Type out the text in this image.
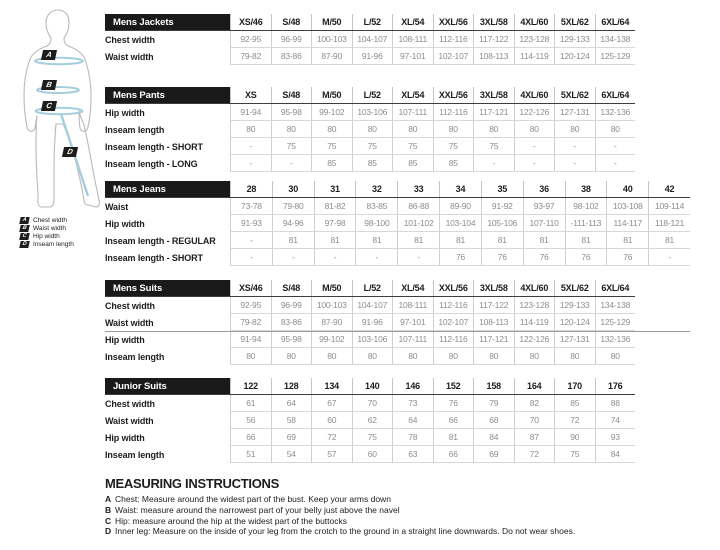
A
B
C
D
A Chest width
B Waist width
C Hip width
D Inseam length
Mens Jackets	XS/46	S/48	M/50	L/52	XL/54	XXL/56	3XL/58	4XL/60	5XL/62	6XL/64
Chest width	92-95	96-99	100-103	104-107	108-111	112-116	117-122	123-128	129-133	134-138
Waist width	79-82	83-86	87-90	91-96	97-101	102-107	108-113	114-119	120-124	125-129
Mens Pants	XS	S/48	M/50	L/52	XL/54	XXL/56	3XL/58	4XL/60	5XL/62	6XL/64
Hip width	91-94	95-98	99-102	103-106	107-111	112-116	117-121	122-126	127-131	132-136
Inseam length	80	80	80	80	80	80	80	80	80	80
Inseam length - SHORT	-	75	75	75	75	75	75	-	-	-
Inseam length - LONG	-	-	85	85	85	85	-	-	-	-
Mens Jeans	28	30	31	32	33	34	35	36	38	40	42
Waist	73-78	79-80	81-82	83-85	86-88	89-90	91-92	93-97	98-102	103-108	109-114
Hip width	91-93	94-96	97-98	98-100	101-102	103-104	105-106	107-110	-111-113	114-117	118-121
Inseam length - REGULAR	-	81	81	81	81	81	81	81	81	81	81
Inseam length - SHORT	-	-	-	-	-	76	76	76	76	76	-
Mens Suits	XS/46	S/48	M/50	L/52	XL/54	XXL/56	3XL/58	4XL/60	5XL/62	6XL/64
Chest width	92-95	96-99	100-103	104-107	108-111	112-116	117-122	123-128	129-133	134-138
Waist width	79-82	83-86	87-90	91-96	97-101	102-107	108-113	114-119	120-124	125-129
Hip width	91-94	95-98	99-102	103-106	107-111	112-116	117-121	122-126	127-131	132-136
Inseam length	80	80	80	80	80	80	80	80	80	80
Junior Suits	122	128	134	140	146	152	158	164	170	176
Chest width	61	64	67	70	73	76	79	82	85	88
Waist width	56	58	60	62	64	66	68	70	72	74
Hip width	66	69	72	75	78	81	84	87	90	93
Inseam length	51	54	57	60	63	66	69	72	75	84
MEASURING INSTRUCTIONS
A Chest: Measure around the widest part of the bust. Keep your arms down
B Waist: measure around the narrowest part of your belly just above the navel
C Hip: measure around the hip at the widest part of the buttocks
D Inner leg: Measure on the inside of your leg from the crotch to the ground in a straight line downwards. Do not wear shoes.
